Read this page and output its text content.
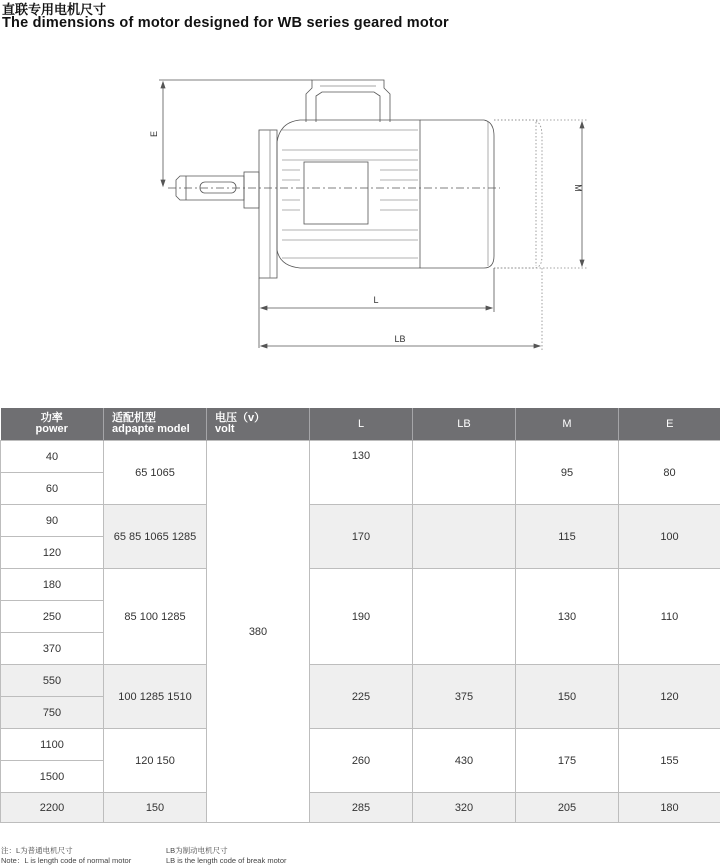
直联专用电机尺寸
The dimensions of motor designed for WB series geared motor
E
M
L
LB
功率
power	适配机型
adpapte model	电压（v）
volt	L	LB	M	E
40	65 1065	380	130		95	80
60						
90	65 85 1065 1285		170		115	100
120						
180	85 100 1285		190		130	110
250						
370						
550	100 1285 1510		225	375	150	120
750						
1100	120 150		260	430	175	155
1500						
2200	150		285	320	205	180
注：L为普通电机尺寸	LB为制动电机尺寸
Note：L is length code of normal motor	LB is the length code of break motor
